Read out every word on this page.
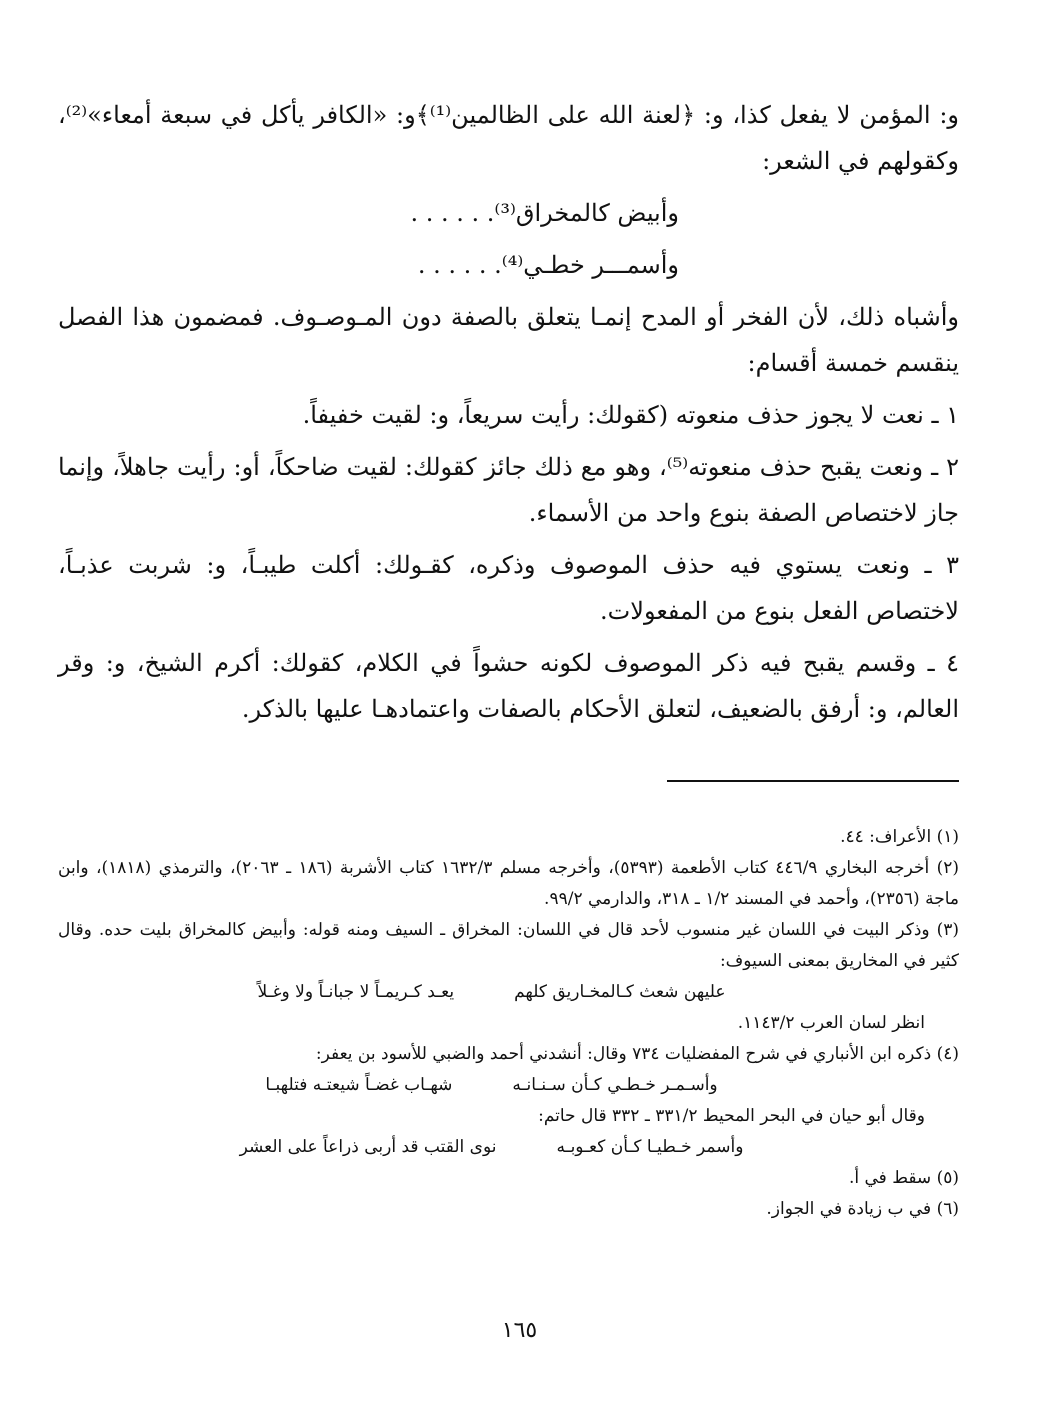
و: المؤمن لا يفعل كذا، و: ﴿لعنة الله على الظالمين⁽¹⁾﴾و: «الكافر يأكل في سبعة أمعاء»⁽²⁾، وكقولهم في الشعر:

وأبيض كالمخراق⁽³⁾. . . . . .

وأسمـــر خطـي⁽⁴⁾. . . . . .

وأشباه ذلك، لأن الفخر أو المدح إنمـا يتعلق بالصفة دون المـوصـوف. فمضمون هذا الفصل ينقسم خمسة أقسام:

١ ـ نعت لا يجوز حذف منعوته (كقولك: رأيت سريعاً، و: لقيت خفيفاً.

٢ ـ ونعت يقبح حذف منعوته⁽⁵⁾، وهو مع ذلك جائز كقولك: لقيت ضاحكاً، أو: رأيت جاهلاً، وإنما جاز لاختصاص الصفة بنوع واحد من الأسماء.

٣ ـ ونعت يستوي فيه حذف الموصوف وذكره، كقـولك: أكلت طيبـاً، و: شربت عذبـاً، لاختصاص الفعل بنوع من المفعولات.

٤ ـ وقسم يقبح فيه ذكر الموصوف لكونه حشواً في الكلام، كقولك: أكرم الشيخ، و: وقر العالم، و: أرفق بالضعيف، لتعلق الأحكام بالصفات واعتمادهـا عليها بالذكر.

(١) الأعراف: ٤٤.

(٢) أخرجه البخاري ٤٤٦/٩ كتاب الأطعمة (٥٣٩٣)، وأخرجه مسلم ١٦٣٢/٣ كتاب الأشربة (١٨٦ ـ ٢٠٦٣)، والترمذي (١٨١٨)، وابن ماجة (٢٣٥٦)، وأحمد في المسند ١/٢ ـ ٣١٨، والدارمي ٩٩/٢.

(٣) وذكر البيت في اللسان غير منسوب لأحد قال في اللسان: المخراق ـ السيف ومنه قوله: وأبيض كالمخراق بليت حده. وقال كثير في المخاريق بمعنى السيوف:

عليهن شعث كـالمخـاريق كلهم
يعـد كـريمـاً لا جبانـاً ولا وغـلاً

انظر لسان العرب ١١٤٣/٢.

(٤) ذكره ابن الأنباري في شرح المفضليات ٧٣٤ وقال: أنشدني أحمد والضبي للأسود بن يعفر:

وأسـمـر خـطـي كـأن سـنـانـه
شهـاب غضـاً شيعتـه فتلهبـا

وقال أبو حيان في البحر المحيط ٣٣١/٢ ـ ٣٣٢ قال حاتم:

وأسمر خـطيـا كـأن كعـوبـه
نوى القتب قد أربى ذراعاً على العشر

(٥) سقط في أ.

(٦) في ب زيادة في الجواز.

١٦٥
